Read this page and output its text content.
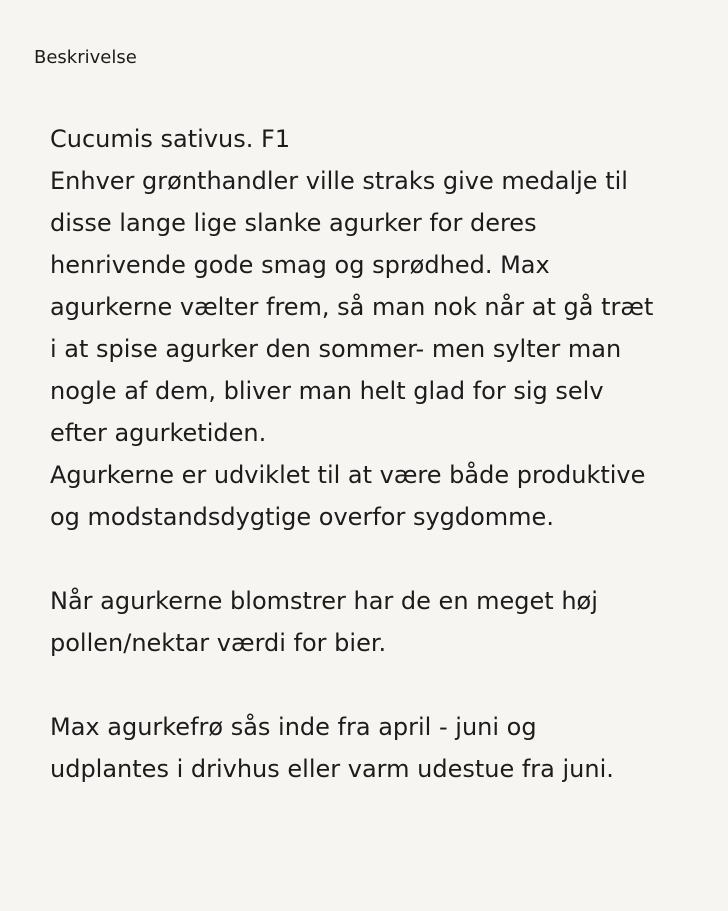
Beskrivelse

Cucumis sativus. F1
Enhver grønthandler ville straks give medalje til
disse lange lige slanke agurker for deres
henrivende gode smag og sprødhed. Max
agurkerne vælter frem, så man nok når at gå træt
i at spise agurker den sommer- men sylter man
nogle af dem, bliver man helt glad for sig selv
efter agurketiden.
Agurkerne er udviklet til at være både produktive
og modstandsdygtige overfor sygdomme.

Når agurkerne blomstrer har de en meget høj
pollen/nektar værdi for bier.

Max agurkefrø sås inde fra april - juni og
udplantes i drivhus eller varm udestue fra juni.
